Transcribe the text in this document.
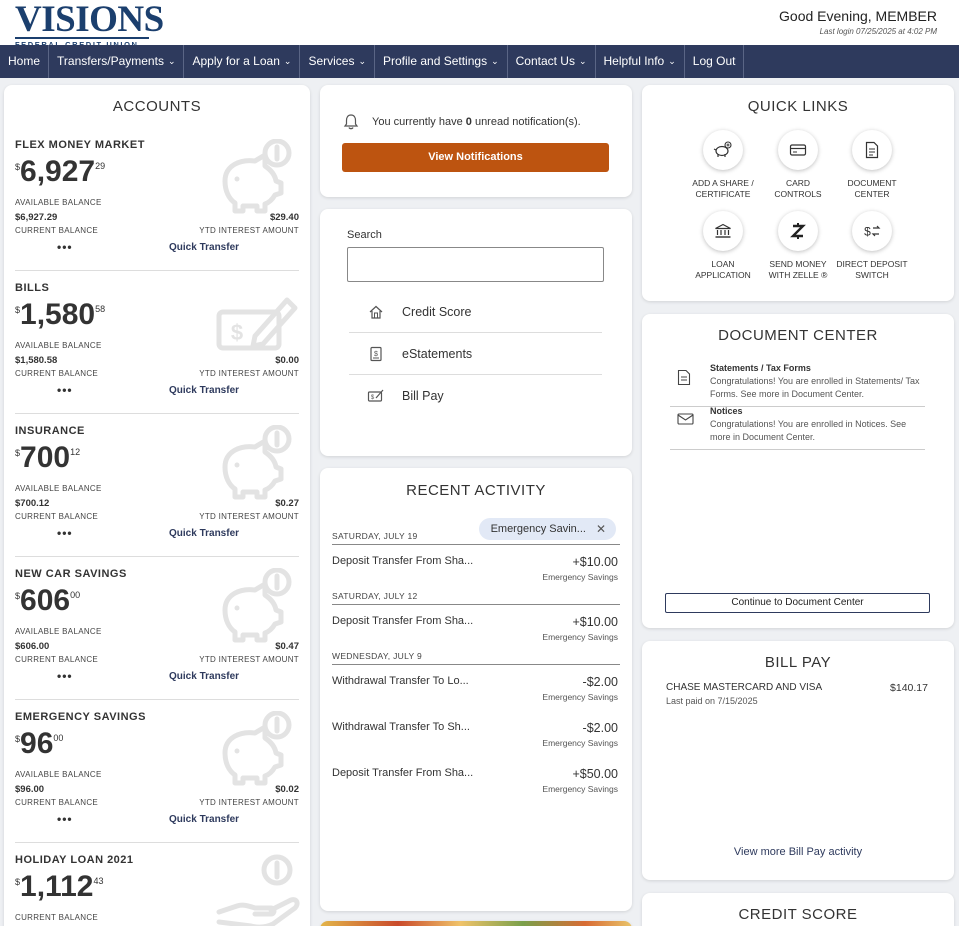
VISIONS	Good Evening, MEMBER
Last login 07/25/2025 at 4:02 PM
Home Transfers/Payments ⌄ Apply for a Loan ⌄ Services ⌄ Profile and Settings ⌄ Contact Us ⌄ Helpful Info ⌄ Log Out
ACCOUNTS
FLEX MONEY MARKET
$6,927$^{29}$
AVAILABLE BALANCE
$6,927.29	$29.40
CURRENT BALANCE	YTD INTEREST AMOUNT
•••	Quick Transfer
BILLS
$1,580$^{58}$
$
AVAILABLE BALANCE
$1,580.58	$0.00
CURRENT BALANCE	YTD INTEREST AMOUNT
•••	Quick Transfer
INSURANCE
$^{\$}700^{12}$
AVAILABLE BALANCE
$700.12	$0.27
CURRENT BALANCE	YTD INTEREST AMOUNT
•••	Quick Transfer
NEW CAR SAVINGS
$^{\$}606^{00}$
AVAILABLE BALANCE
$606.00	$0.47
CURRENT BALANCE	YTD INTEREST AMOUNT
•••	Quick Transfer
EMERGENCY SAVINGS
$^{\$}96^{00}$
AVAILABLE BALANCE
$96.00	$0.02
CURRENT BALANCE	YTD INTEREST AMOUNT
•••	Quick Transfer
HOLIDAY LOAN 2021
$1,112$^{43}$
CURRENT BALANCE
You currently have 0 unread notification(s).
View Notifications
Search
Credit Score
$ eStatements
$ Bill Pay
RECENT ACTIVITY
Emergency Savin... ✕
SATURDAY, JULY 19
Deposit Transfer From Sha...	+$10.00
Emergency Savings
SATURDAY, JULY 12
Deposit Transfer From Sha...	+$10.00
Emergency Savings
WEDNESDAY, JULY 9
Withdrawal Transfer To Lo...	-$2.00
Emergency Savings
Withdrawal Transfer To Sh...	-$2.00
Emergency Savings
Deposit Transfer From Sha...	+$50.00
Emergency Savings
QUICK LINKS
ADD A SHARE /
CERTIFICATE
CARD
CONTROLS
DOCUMENT
CENTER
LOAN
APPLICATION
SEND MONEY
WITH ZELLE ®
$
DIRECT DEPOSIT
SWITCH
DOCUMENT CENTER
Statements / Tax Forms
Congratulations! You are enrolled in Statements/ Tax Forms. See more in Document Center.
Notices
Congratulations! You are enrolled in Notices. See more in Document Center.
Continue to Document Center
BILL PAY
CHASE MASTERCARD AND VISA	$140.17
Last paid on 7/15/2025
View more Bill Pay activity
CREDIT SCORE
